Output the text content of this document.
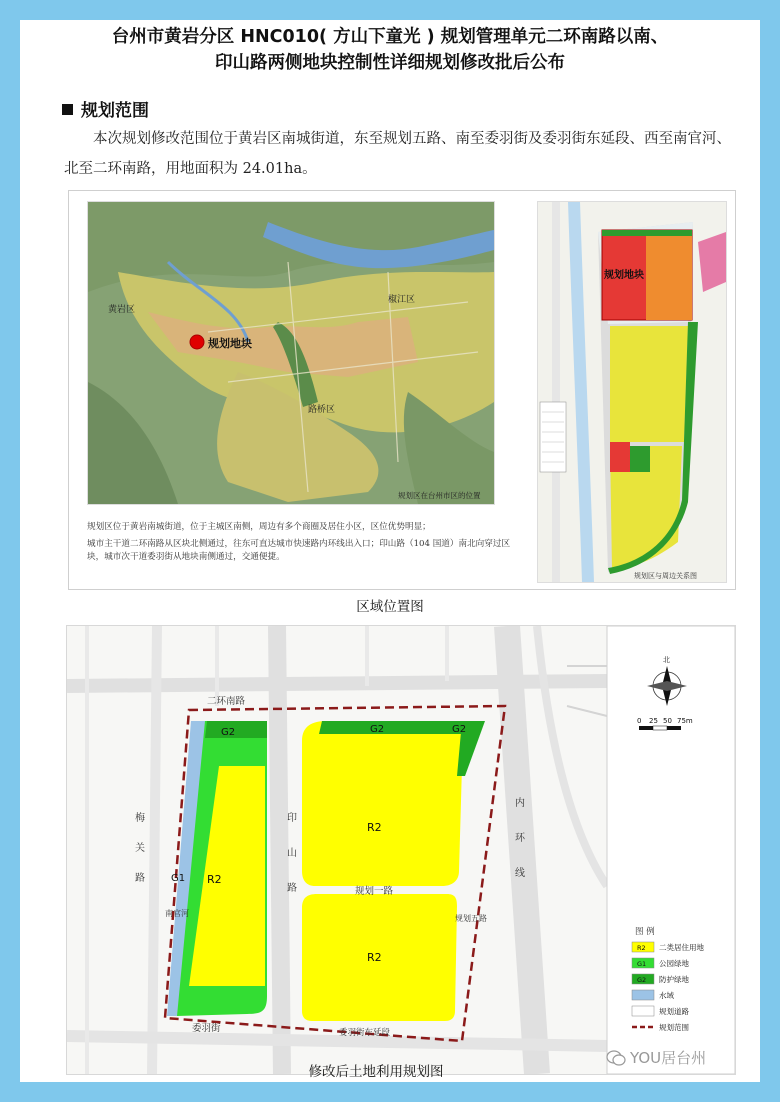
台州市黄岩分区 HNC010( 方山下童光 ) 规划管理单元二环南路以南、
印山路两侧地块控制性详细规划修改批后公布
规划范围
本次规划修改范围位于黄岩区南城街道，东至规划五路、南至委羽街及委羽街东延段、西至南官河、北至二环南路，用地面积为 24.01ha。
黄岩区
椒江区
路桥区
规划地块
规划区在台州市区的位置
规划地块
规划区与周边关系图

规划区位于黄岩南城街道，位于主城区南侧，周边有多个商圈及居住小区，区位优势明显；

城市主干道二环南路从区块北侧通过，往东可直达城市快速路内环线出入口；印山路（104 国道）南北向穿过区块，城市次干道委羽街从地块南侧通过，交通便捷。

区域位置图
G2	G2	G2
G1 R2
R2
R2
二环南路
梅
关
路
印
山
路
内
环
线
规划一路
委羽街	委羽街东延段
南官河
规划五路
北
0 25 50 75m
图 例
R2 二类居住用地
G1 公园绿地
G2 防护绿地
水域
规划道路
规划范围
修改后土地利用规划图
YOU居台州
